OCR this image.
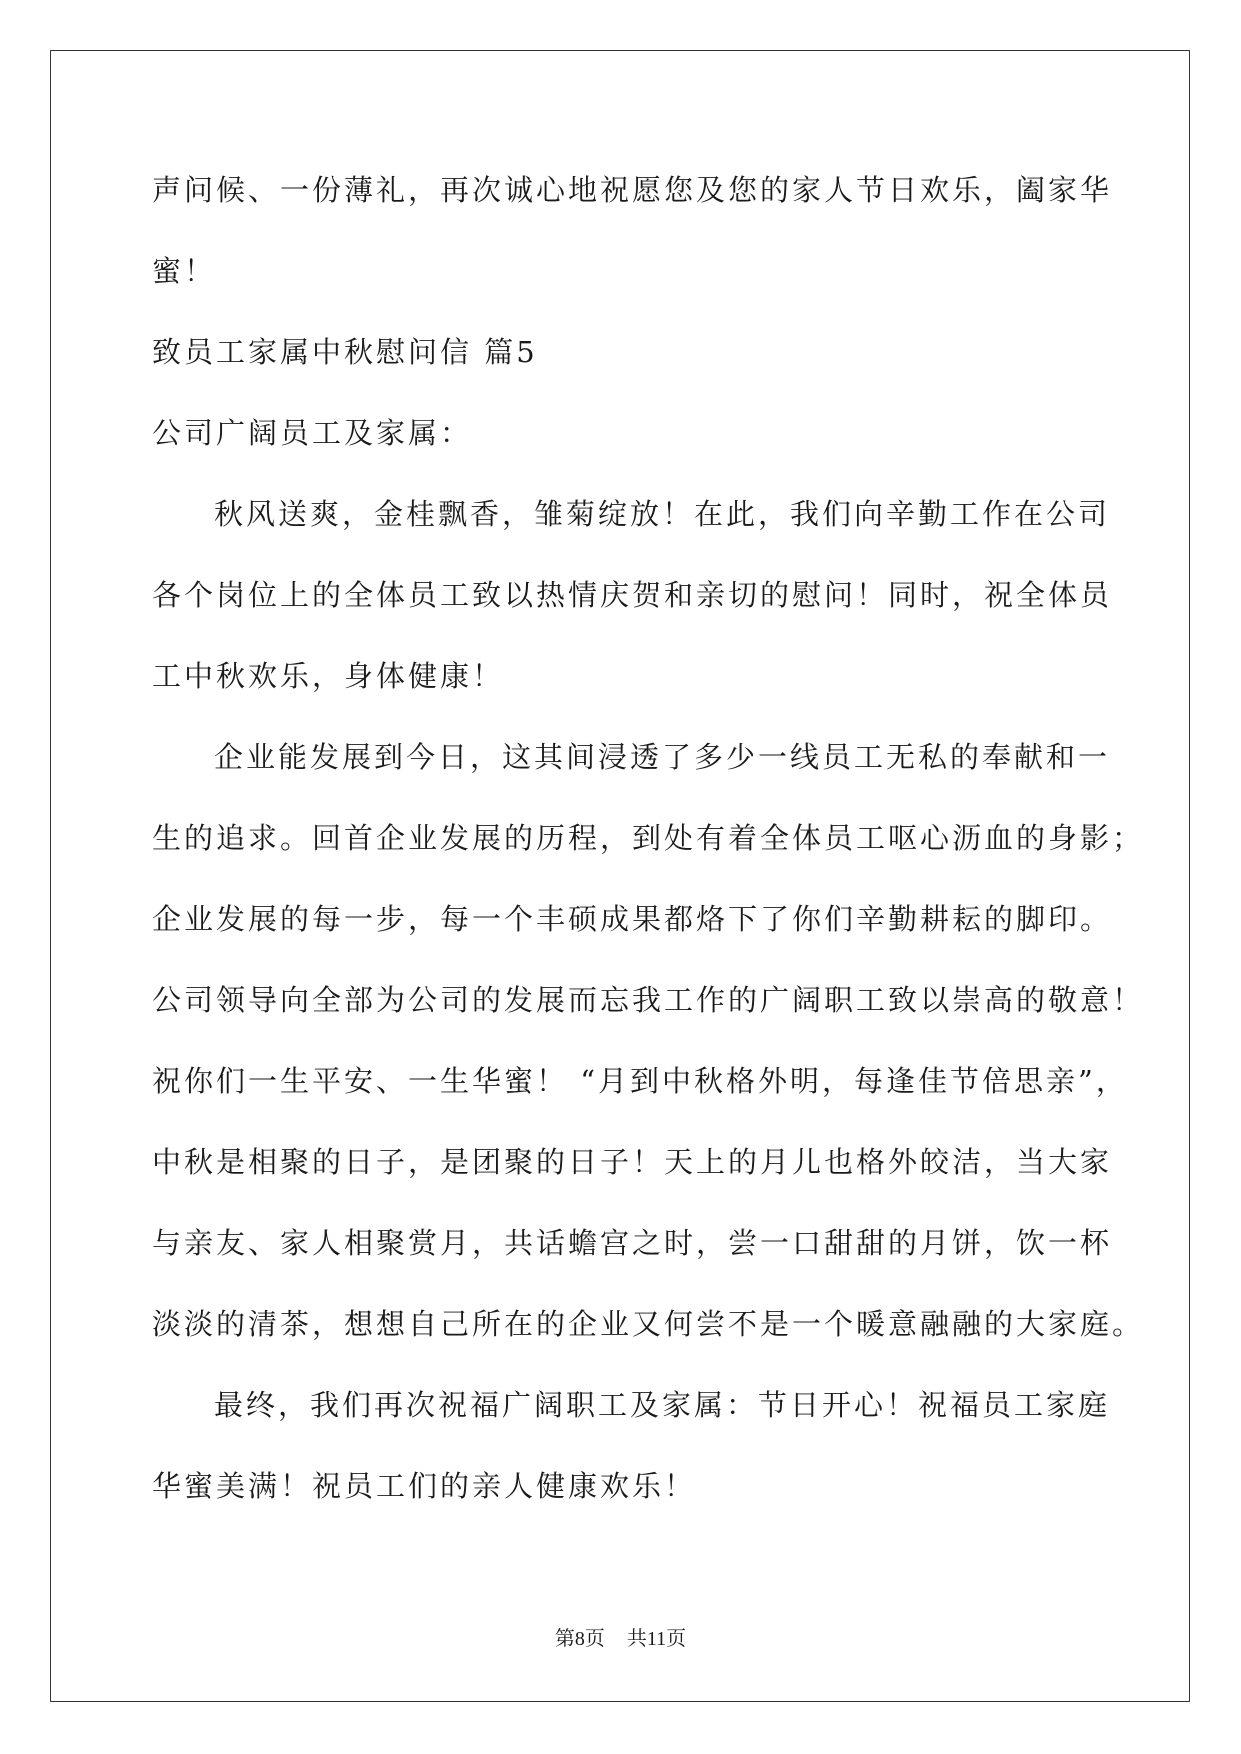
声问候、一份薄礼，再次诚心地祝愿您及您的家人节日欢乐，阖家华
蜜！
致员工家属中秋慰问信 篇5
公司广阔员工及家属：
秋风送爽，金桂飘香，雏菊绽放！在此，我们向辛勤工作在公司
各个岗位上的全体员工致以热情庆贺和亲切的慰问！同时，祝全体员
工中秋欢乐，身体健康！
企业能发展到今日，这其间浸透了多少一线员工无私的奉献和一
生的追求。回首企业发展的历程，到处有着全体员工呕心沥血的身影；
企业发展的每一步，每一个丰硕成果都烙下了你们辛勤耕耘的脚印。
公司领导向全部为公司的发展而忘我工作的广阔职工致以崇高的敬意！
祝你们一生平安、一生华蜜！ “月到中秋格外明，每逢佳节倍思亲”，
中秋是相聚的日子，是团聚的日子！天上的月儿也格外皎洁，当大家
与亲友、家人相聚赏月，共话蟾宫之时，尝一口甜甜的月饼，饮一杯
淡淡的清茶，想想自己所在的企业又何尝不是一个暖意融融的大家庭。
最终，我们再次祝福广阔职工及家属：节日开心！祝福员工家庭
华蜜美满！祝员工们的亲人健康欢乐！
第8页 共11页
